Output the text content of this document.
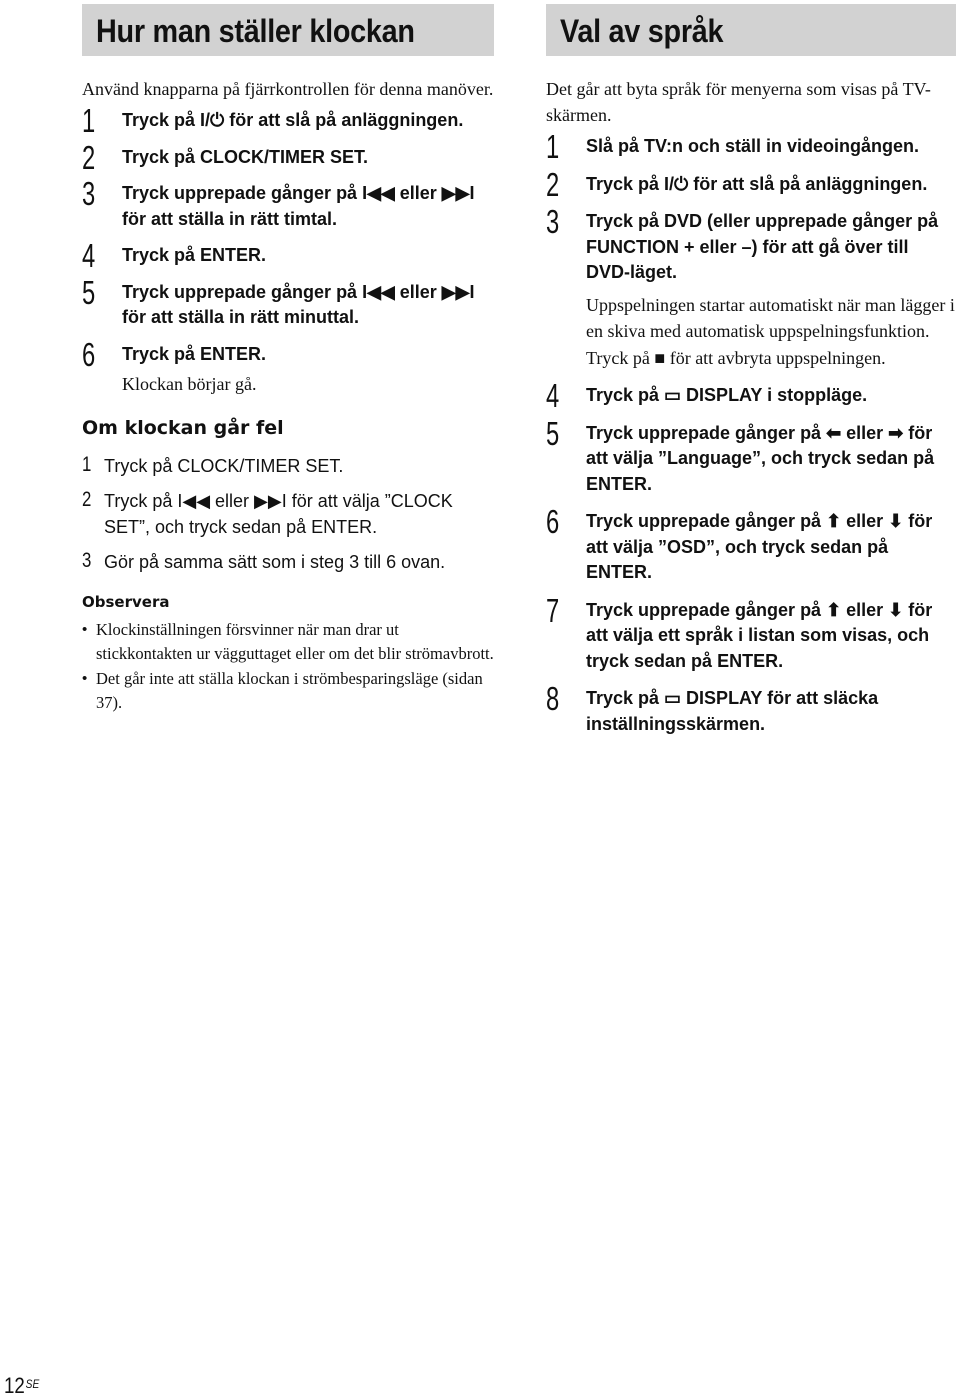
Hur man ställer klockan

Använd knapparna på fjärrkontrollen för denna manöver.

1 Tryck på I/⏻ för att slå på anläggningen.
2 Tryck på CLOCK/TIMER SET.
3 Tryck upprepade gånger på I◀◀ eller ▶▶I för att ställa in rätt timtal.
4 Tryck på ENTER.
5 Tryck upprepade gånger på I◀◀ eller ▶▶I för att ställa in rätt minuttal.
6 Tryck på ENTER.
Klockan börjar gå.
Om klockan går fel
1 Tryck på CLOCK/TIMER SET.
2 Tryck på I◀◀ eller ▶▶I för att välja ”CLOCK SET”, och tryck sedan på ENTER.
3 Gör på samma sätt som i steg 3 till 6 ovan.
Observera
• Klockinställningen försvinner när man drar ut stickkontakten ur vägguttaget eller om det blir strömavbrott.
• Det går inte att ställa klockan i strömbesparingsläge (sidan 37).
Val av språk

Det går att byta språk för menyerna som visas på TV-skärmen.

1 Slå på TV:n och ställ in videoingången.
2 Tryck på I/⏻ för att slå på anläggningen.
3 Tryck på DVD (eller upprepade gånger på FUNCTION + eller –) för att gå över till DVD-läget.
Uppspelningen startar automatiskt när man lägger i en skiva med automatisk uppspelningsfunktion. Tryck på ■ för att avbryta uppspelningen.
4 Tryck på ▭ DISPLAY i stoppläge.
5 Tryck upprepade gånger på ⬅ eller ➡ för att välja ”Language”, och tryck sedan på ENTER.
6 Tryck upprepade gånger på ⬆ eller ⬇ för att välja ”OSD”, och tryck sedan på ENTER.
7 Tryck upprepade gånger på ⬆ eller ⬇ för att välja ett språk i listan som visas, och tryck sedan på ENTER.
8 Tryck på ▭ DISPLAY för att släcka inställningsskärmen.
$12^{SE}$
